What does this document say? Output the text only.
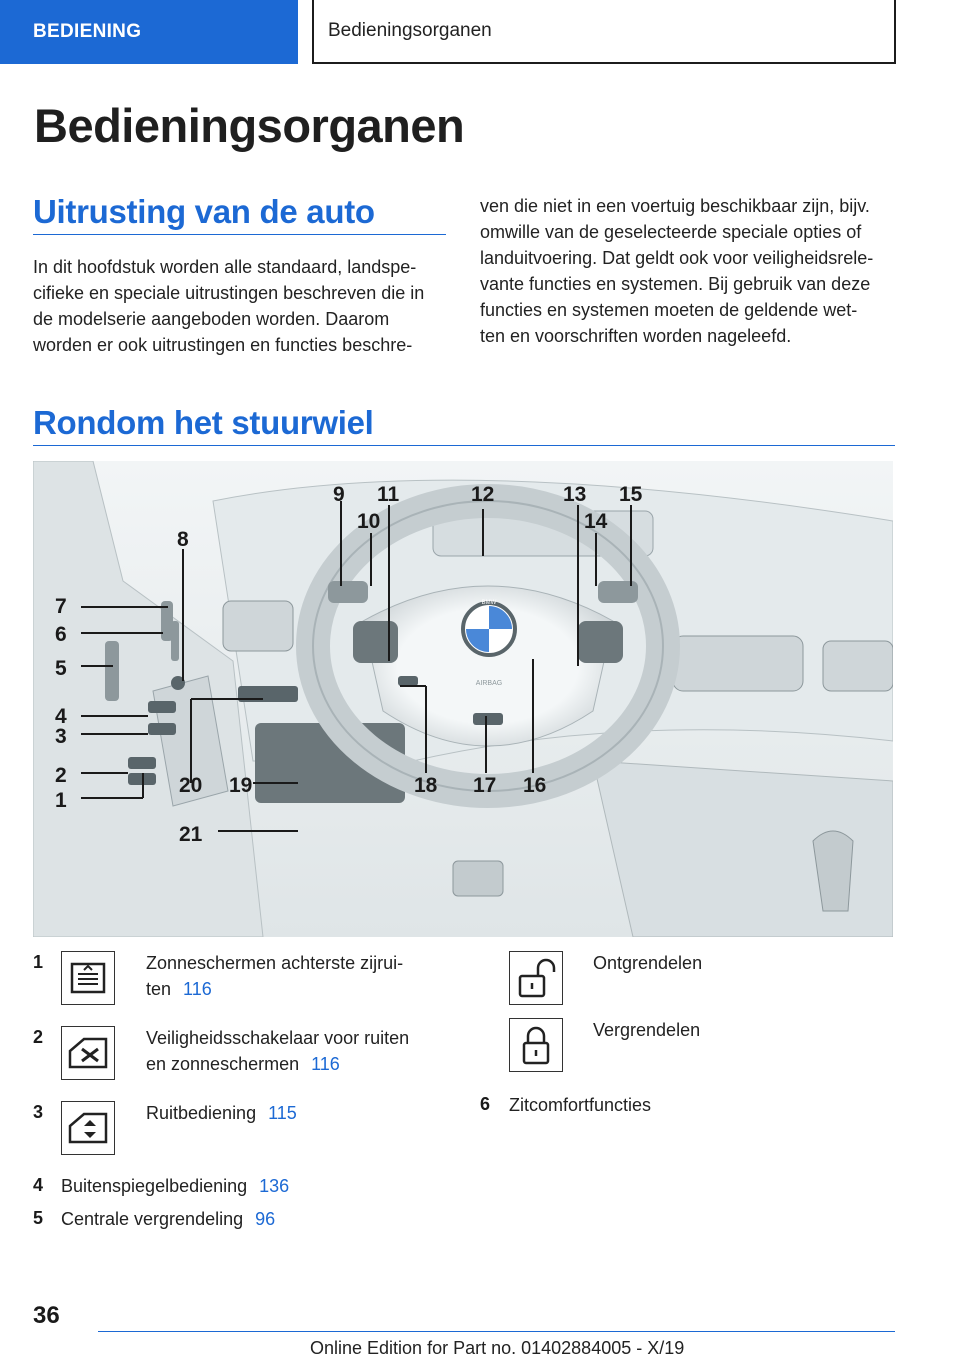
BEDIENING	Bedieningsorganen
Bedieningsorganen
Uitrusting van de auto
In dit hoofdstuk worden alle standaard, landspe-
cifieke en speciale uitrustingen beschreven die in
de modelserie aangeboden worden. Daarom
worden er ook uitrustingen en functies beschre-
ven die niet in een voertuig beschikbaar zijn, bijv.
omwille van de geselecteerde speciale opties of
landuitvoering. Dat geldt ook voor veiligheidsrele-
vante functies en systemen. Bij gebruik van deze
functies en systemen moeten de geldende wet-
ten en voorschriften worden nageleefd.
Rondom het stuurwiel
BMW
AIRBAG
1
2
3
4
5
6
7
8
9
10
11	12	13
14
15
16
17
18
19
20
21
1	Zonneschermen achterste zijrui-
ten 116
2	Veiligheidsschakelaar voor ruiten
en zonneschermen 116
3	Ruitbediening 115
4 Buitenspiegelbediening 136
5 Centrale vergrendeling 96
Ontgrendelen
Vergrendelen
6 Zitcomfortfuncties
36
Online Edition for Part no. 01402884005 - X/19
